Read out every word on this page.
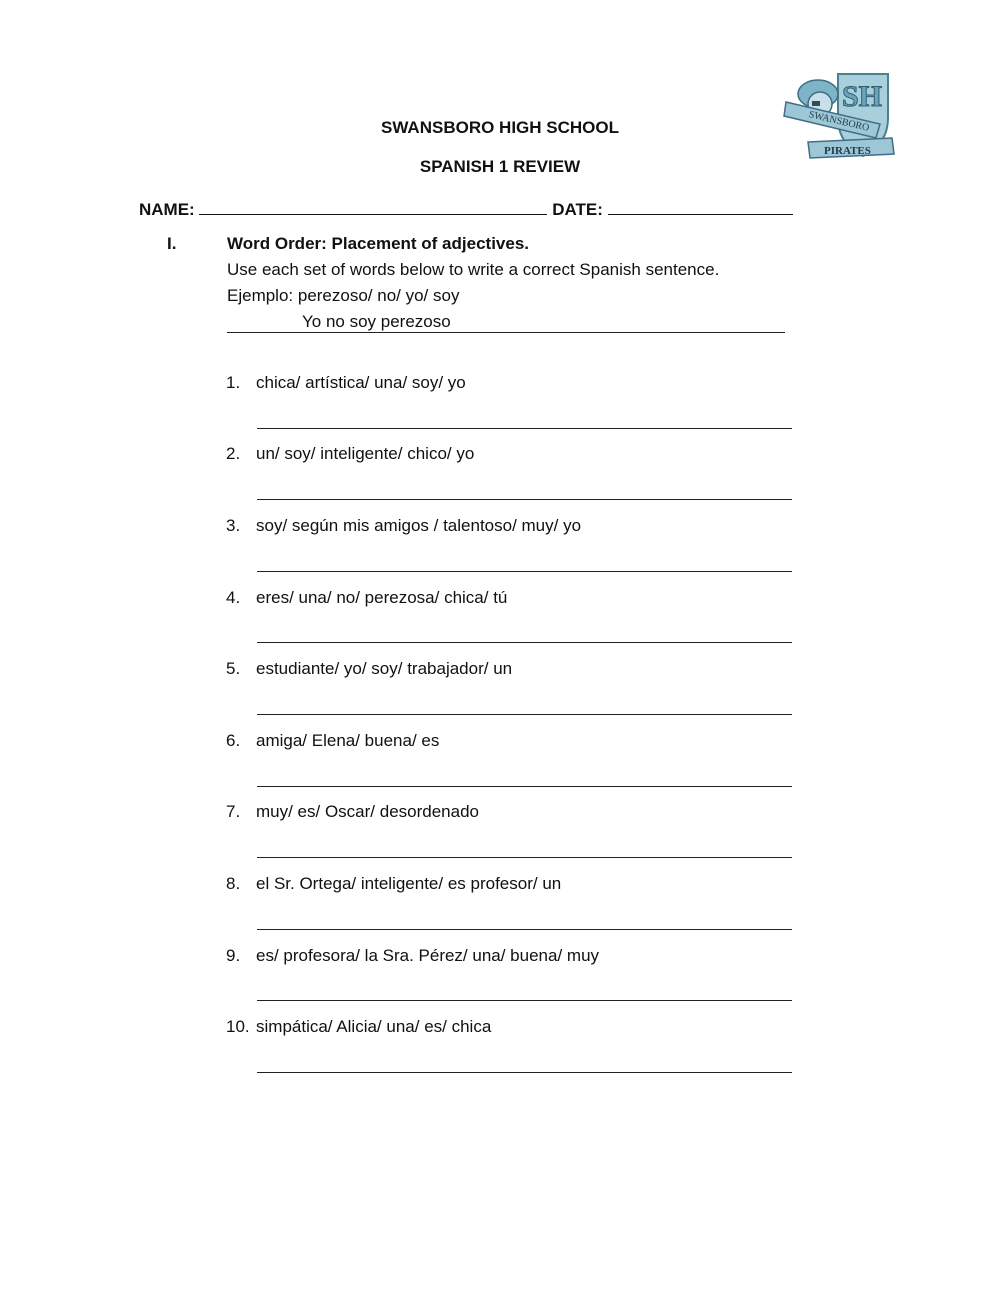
SWANSBORO
SH
PIRATES
SWANSBORO HIGH SCHOOL
SPANISH 1 REVIEW
NAME:	DATE:
I.	Word Order: Placement of adjectives.
Use each set of words below to write a correct Spanish sentence.
Ejemplo: perezoso/ no/ yo/ soy
Yo no soy perezoso
1. chica/ artística/ una/ soy/ yo
2. un/ soy/ inteligente/ chico/ yo
3. soy/ según mis amigos / talentoso/ muy/ yo
4. eres/ una/ no/ perezosa/ chica/ tú
5. estudiante/ yo/ soy/ trabajador/ un
6. amiga/ Elena/ buena/ es
7. muy/ es/ Oscar/ desordenado
8. el Sr. Ortega/ inteligente/ es profesor/ un
9. es/ profesora/ la Sra. Pérez/ una/ buena/ muy
10. simpática/ Alicia/ una/ es/ chica
